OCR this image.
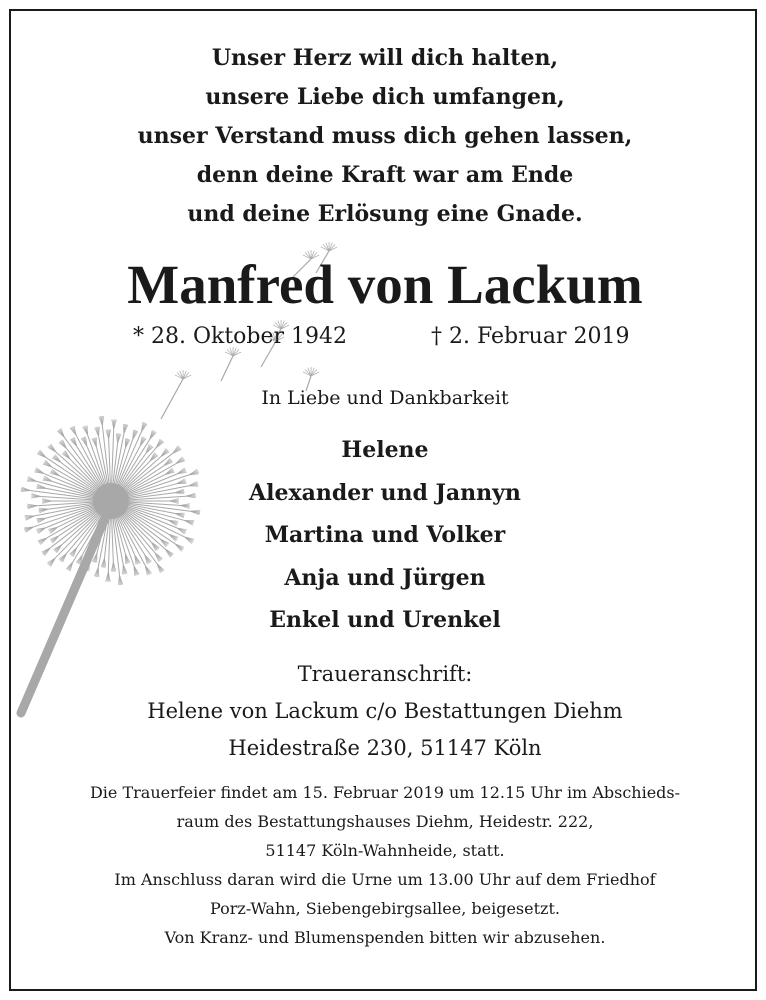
Unser Herz will dich halten,
unsere Liebe dich umfangen,
unser Verstand muss dich gehen lassen,
denn deine Kraft war am Ende
und deine Erlösung eine Gnade.
Manfred von Lackum
* 28. Oktober 1942	† 2. Februar 2019
In Liebe und Dankbarkeit
Helene
Alexander und Jannyn
Martina und Volker
Anja und Jürgen
Enkel und Urenkel
Traueranschrift:
Helene von Lackum c/o Bestattungen Diehm
Heidestraße 230, 51147 Köln
Die Trauerfeier findet am 15. Februar 2019 um 12.15 Uhr im Abschieds-
raum des Bestattungshauses Diehm, Heidestr. 222,
51147 Köln-Wahnheide, statt.
Im Anschluss daran wird die Urne um 13.00 Uhr auf dem Friedhof
Porz-Wahn, Siebengebirgsallee, beigesetzt.
Von Kranz- und Blumenspenden bitten wir abzusehen.
